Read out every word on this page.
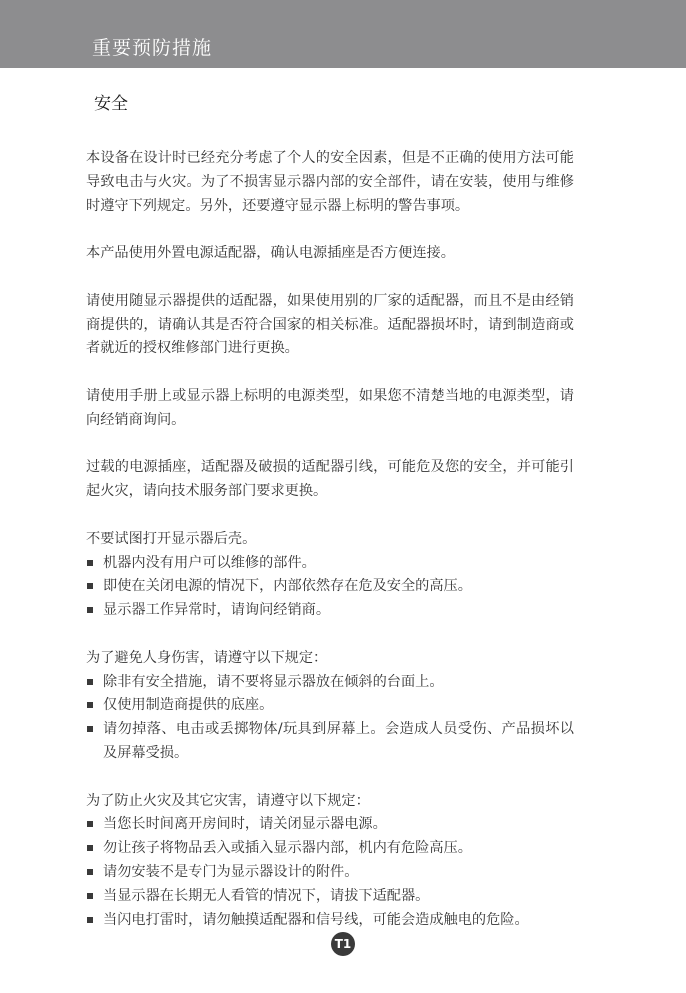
重要预防措施
安全

本设备在设计时已经充分考虑了个人的安全因素，但是不正确的使用方法可能导致电击与火灾。为了不损害显示器内部的安全部件，请在安装，使用与维修时遵守下列规定。另外，还要遵守显示器上标明的警告事项。

本产品使用外置电源适配器，确认电源插座是否方便连接。

请使用随显示器提供的适配器，如果使用别的厂家的适配器，而且不是由经销商提供的，请确认其是否符合国家的相关标准。适配器损坏时，请到制造商或者就近的授权维修部门进行更换。

请使用手册上或显示器上标明的电源类型，如果您不清楚当地的电源类型，请向经销商询问。

过载的电源插座，适配器及破损的适配器引线，可能危及您的安全，并可能引起火灾，请向技术服务部门要求更换。

不要试图打开显示器后壳。

机器内没有用户可以维修的部件。
即使在关闭电源的情况下，内部依然存在危及安全的高压。
显示器工作异常时，请询问经销商。

为了避免人身伤害，请遵守以下规定：

除非有安全措施，请不要将显示器放在倾斜的台面上。
仅使用制造商提供的底座。
请勿掉落、电击或丢掷物体/玩具到屏幕上。会造成人员受伤、产品损坏以及屏幕受损。

为了防止火灾及其它灾害，请遵守以下规定：

当您长时间离开房间时，请关闭显示器电源。
勿让孩子将物品丢入或插入显示器内部，机内有危险高压。
请勿安装不是专门为显示器设计的附件。
当显示器在长期无人看管的情况下，请拔下适配器。
当闪电打雷时，请勿触摸适配器和信号线，可能会造成触电的危险。
T1
